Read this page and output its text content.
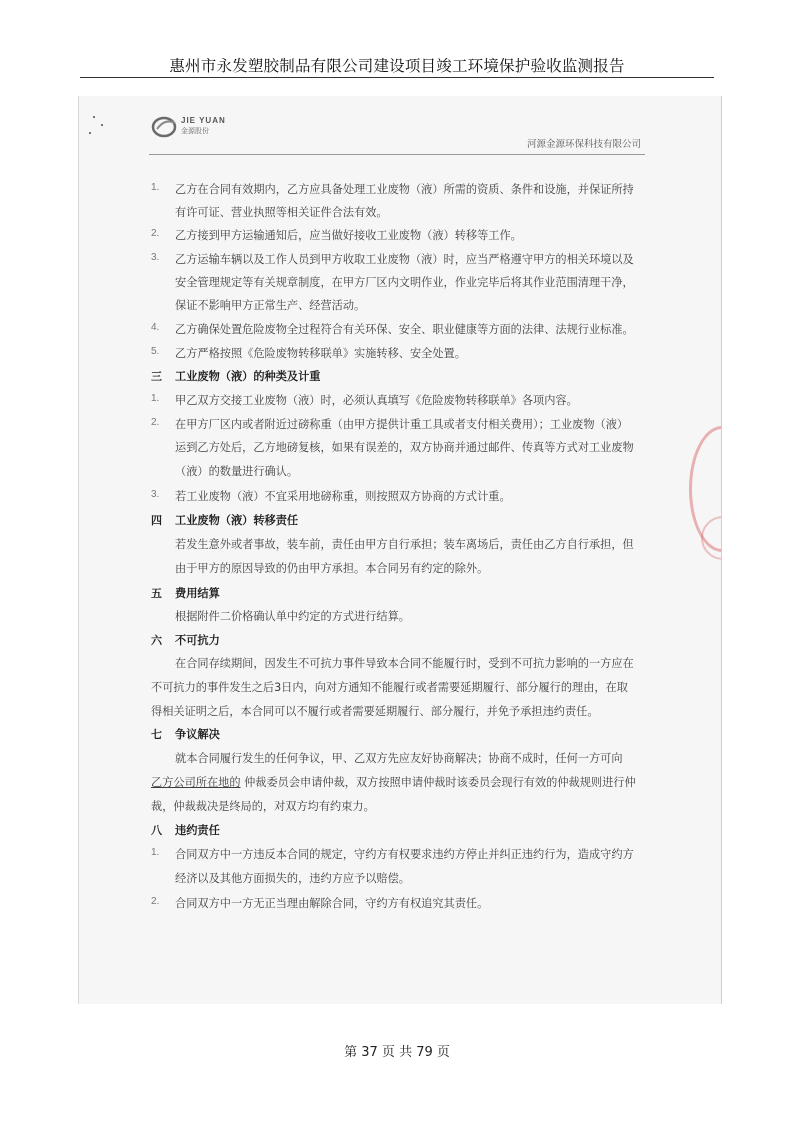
惠州市永发塑胶制品有限公司建设项目竣工环境保护验收监测报告
JIE YUAN
金源股份
河源金源环保科技有限公司
1. 乙方在合同有效期内，乙方应具备处理工业废物（液）所需的资质、条件和设施，并保证所持
有许可证、营业执照等相关证件合法有效。
2. 乙方接到甲方运输通知后，应当做好接收工业废物（液）转移等工作。
3. 乙方运输车辆以及工作人员到甲方收取工业废物（液）时，应当严格遵守甲方的相关环境以及
安全管理规定等有关规章制度，在甲方厂区内文明作业，作业完毕后将其作业范围清理干净，
保证不影响甲方正常生产、经营活动。
4. 乙方确保处置危险废物全过程符合有关环保、安全、职业健康等方面的法律、法规行业标准。
5. 乙方严格按照《危险废物转移联单》实施转移、安全处置。
三 工业废物（液）的种类及计重
1. 甲乙双方交接工业废物（液）时，必须认真填写《危险废物转移联单》各项内容。
2. 在甲方厂区内或者附近过磅称重（由甲方提供计重工具或者支付相关费用）；工业废物（液）
运到乙方处后，乙方地磅复核，如果有误差的，双方协商并通过邮件、传真等方式对工业废物
（液）的数量进行确认。
3. 若工业废物（液）不宜采用地磅称重，则按照双方协商的方式计重。
四 工业废物（液）转移责任
若发生意外或者事故，装车前，责任由甲方自行承担；装车离场后，责任由乙方自行承担，但
由于甲方的原因导致的仍由甲方承担。本合同另有约定的除外。
五 费用结算
根据附件二价格确认单中约定的方式进行结算。
六 不可抗力
在合同存续期间，因发生不可抗力事件导致本合同不能履行时，受到不可抗力影响的一方应在
不可抗力的事件发生之后3日内，向对方通知不能履行或者需要延期履行、部分履行的理由，在取
得相关证明之后，本合同可以不履行或者需要延期履行、部分履行，并免予承担违约责任。
七 争议解决
就本合同履行发生的任何争议，甲、乙双方先应友好协商解决；协商不成时，任何一方可向
乙方公司所在地的 仲裁委员会申请仲裁，双方按照申请仲裁时该委员会现行有效的仲裁规则进行仲
裁，仲裁裁决是终局的，对双方均有约束力。
八 违约责任
1. 合同双方中一方违反本合同的规定，守约方有权要求违约方停止并纠正违约行为，造成守约方
经济以及其他方面损失的，违约方应予以赔偿。
2. 合同双方中一方无正当理由解除合同，守约方有权追究其责任。
第 37 页 共 79 页
